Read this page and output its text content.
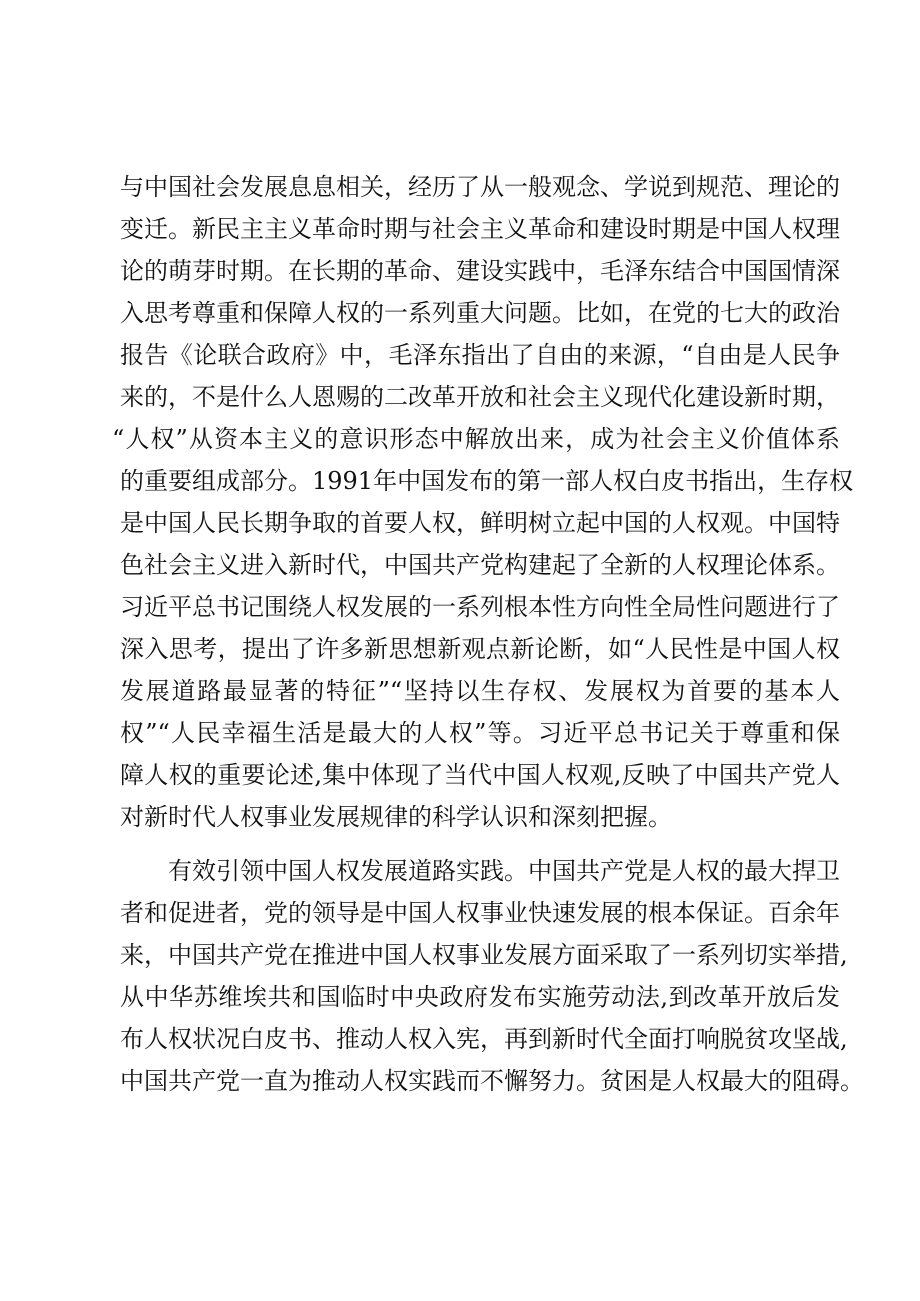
与中国社会发展息息相关，经历了从一般观念、学说到规范、理论的
变迁。新民主主义革命时期与社会主义革命和建设时期是中国人权理
论的萌芽时期。在长期的革命、建设实践中，毛泽东结合中国国情深
入思考尊重和保障人权的一系列重大问题。比如，在党的七大的政治
报告《论联合政府》中，毛泽东指出了自由的来源，“自由是人民争
来的，不是什么人恩赐的二改革开放和社会主义现代化建设新时期，
“人权”从资本主义的意识形态中解放出来，成为社会主义价值体系
的重要组成部分。1991年中国发布的第一部人权白皮书指出，生存权
是中国人民长期争取的首要人权，鲜明树立起中国的人权观。中国特
色社会主义进入新时代，中国共产党构建起了全新的人权理论体系。
习近平总书记围绕人权发展的一系列根本性方向性全局性问题进行了
深入思考，提出了许多新思想新观点新论断，如“人民性是中国人权
发展道路最显著的特征”“坚持以生存权、发展权为首要的基本人
权”“人民幸福生活是最大的人权”等。习近平总书记关于尊重和保
障人权的重要论述,集中体现了当代中国人权观,反映了中国共产党人
对新时代人权事业发展规律的科学认识和深刻把握。
有效引领中国人权发展道路实践。中国共产党是人权的最大捍卫
者和促进者，党的领导是中国人权事业快速发展的根本保证。百余年
来，中国共产党在推进中国人权事业发展方面采取了一系列切实举措,
从中华苏维埃共和国临时中央政府发布实施劳动法,到改革开放后发
布人权状况白皮书、推动人权入宪，再到新时代全面打响脱贫攻坚战,
中国共产党一直为推动人权实践而不懈努力。贫困是人权最大的阻碍。
